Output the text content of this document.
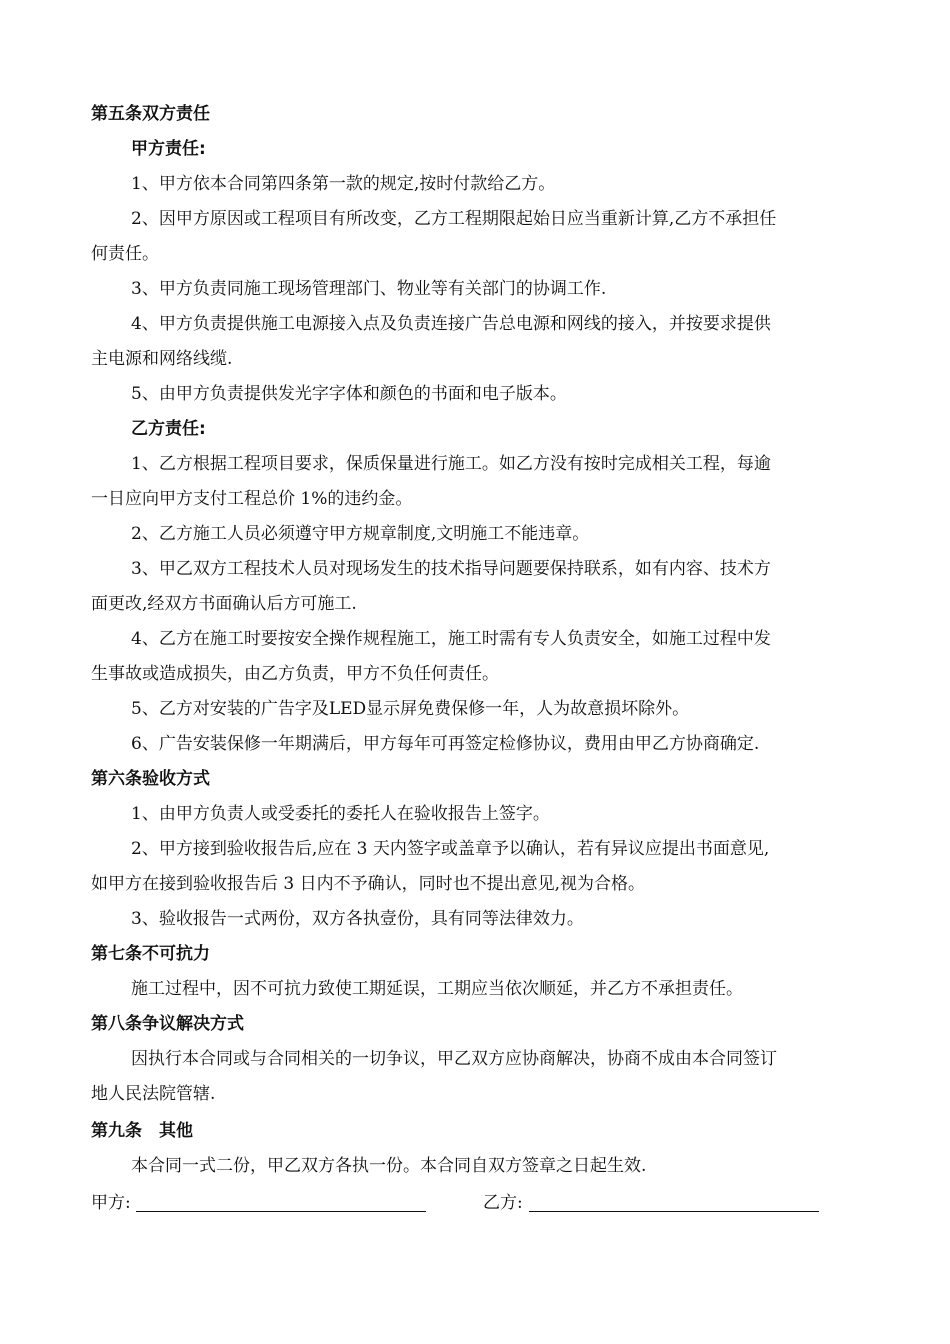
第五条双方责任
甲方责任:
1、甲方依本合同第四条第一款的规定,按时付款给乙方。
2、因甲方原因或工程项目有所改变，乙方工程期限起始日应当重新计算,乙方不承担任
何责任。
3、甲方负责同施工现场管理部门、物业等有关部门的协调工作.
4、甲方负责提供施工电源接入点及负责连接广告总电源和网线的接入，并按要求提供
主电源和网络线缆.
5、由甲方负责提供发光字字体和颜色的书面和电子版本。
乙方责任:
1、乙方根据工程项目要求，保质保量进行施工。如乙方没有按时完成相关工程，每逾
一日应向甲方支付工程总价 1%的违约金。
2、乙方施工人员必须遵守甲方规章制度,文明施工不能违章。
3、甲乙双方工程技术人员对现场发生的技术指导问题要保持联系，如有内容、技术方
面更改,经双方书面确认后方可施工.
4、乙方在施工时要按安全操作规程施工，施工时需有专人负责安全，如施工过程中发
生事故或造成损失，由乙方负责，甲方不负任何责任。
5、乙方对安装的广告字及LED显示屏免费保修一年，人为故意损坏除外。
6、广告安装保修一年期满后，甲方每年可再签定检修协议，费用由甲乙方协商确定.
第六条验收方式
1、由甲方负责人或受委托的委托人在验收报告上签字。
2、甲方接到验收报告后,应在 3 天内签字或盖章予以确认，若有异议应提出书面意见,
如甲方在接到验收报告后 3 日内不予确认，同时也不提出意见,视为合格。
3、验收报告一式两份，双方各执壹份，具有同等法律效力。
第七条不可抗力
施工过程中，因不可抗力致使工期延误，工期应当依次顺延，并乙方不承担责任。
第八条争议解决方式
因执行本合同或与合同相关的一切争议，甲乙双方应协商解决，协商不成由本合同签订
地人民法院管辖.
第九条　其他
本合同一式二份，甲乙双方各执一份。本合同自双方签章之日起生效.
甲方:	乙方:
